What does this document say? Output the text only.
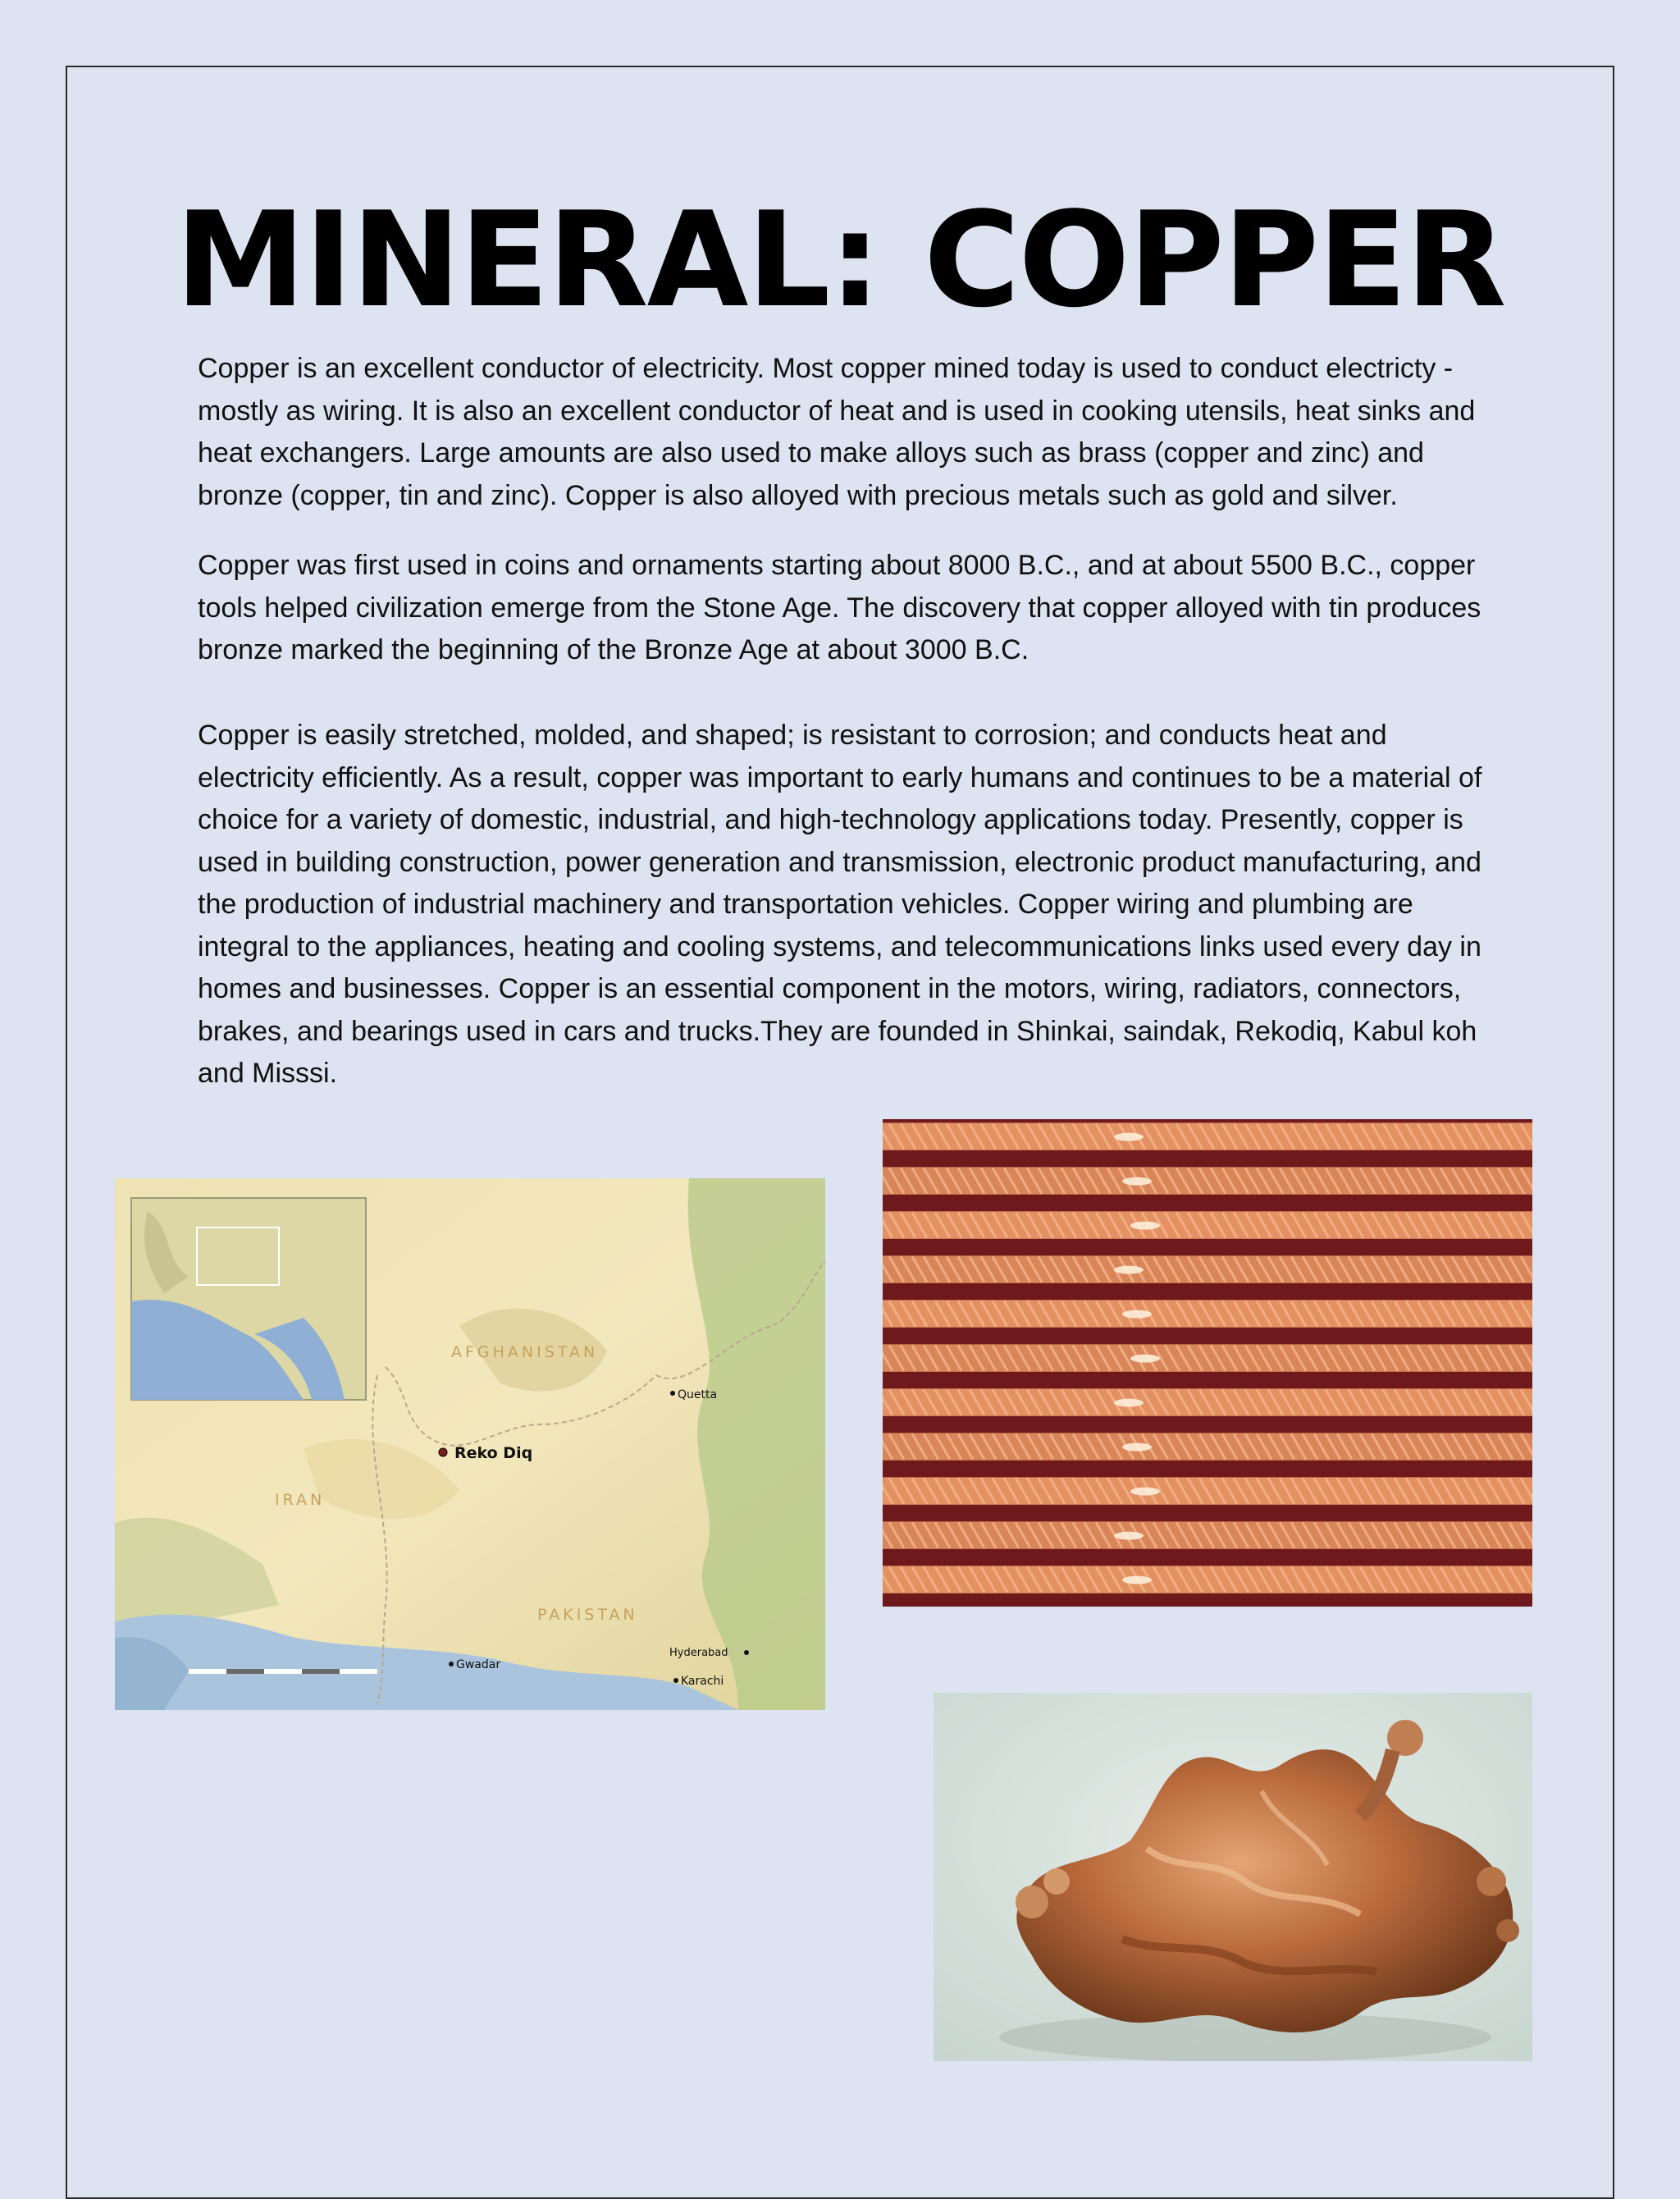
MINERAL: COPPER

Copper is an excellent conductor of electricity. Most copper mined today is used to conduct electricty - mostly as wiring. It is also an excellent conductor of heat and is used in cooking utensils, heat sinks and heat exchangers. Large amounts are also used to make alloys such as brass (copper and zinc) and bronze (copper, tin and zinc). Copper is also alloyed with precious metals such as gold and silver.

Copper was first used in coins and ornaments starting about 8000 B.C., and at about 5500 B.C., copper tools helped civilization emerge from the Stone Age. The discovery that copper alloyed with tin produces bronze marked the beginning of the Bronze Age at about 3000 B.C.

Copper is easily stretched, molded, and shaped; is resistant to corrosion; and conducts heat and electricity efficiently. As a result, copper was important to early humans and continues to be a material of choice for a variety of domestic, industrial, and high-technology applications today. Presently, copper is used in building construction, power generation and transmission, electronic product manufacturing, and the production of industrial machinery and transportation vehicles. Copper wiring and plumbing are integral to the appliances, heating and cooling systems, and telecommunications links used every day in homes and businesses. Copper is an essential component in the motors, wiring, radiators, connectors, brakes, and bearings used in cars and trucks.They are founded in Shinkai, saindak, Rekodiq, Kabul koh and Misssi.

AFGHANISTAN
IRAN
PAKISTAN
Reko Diq
Quetta
Gwadar
Hyderabad
Karachi
